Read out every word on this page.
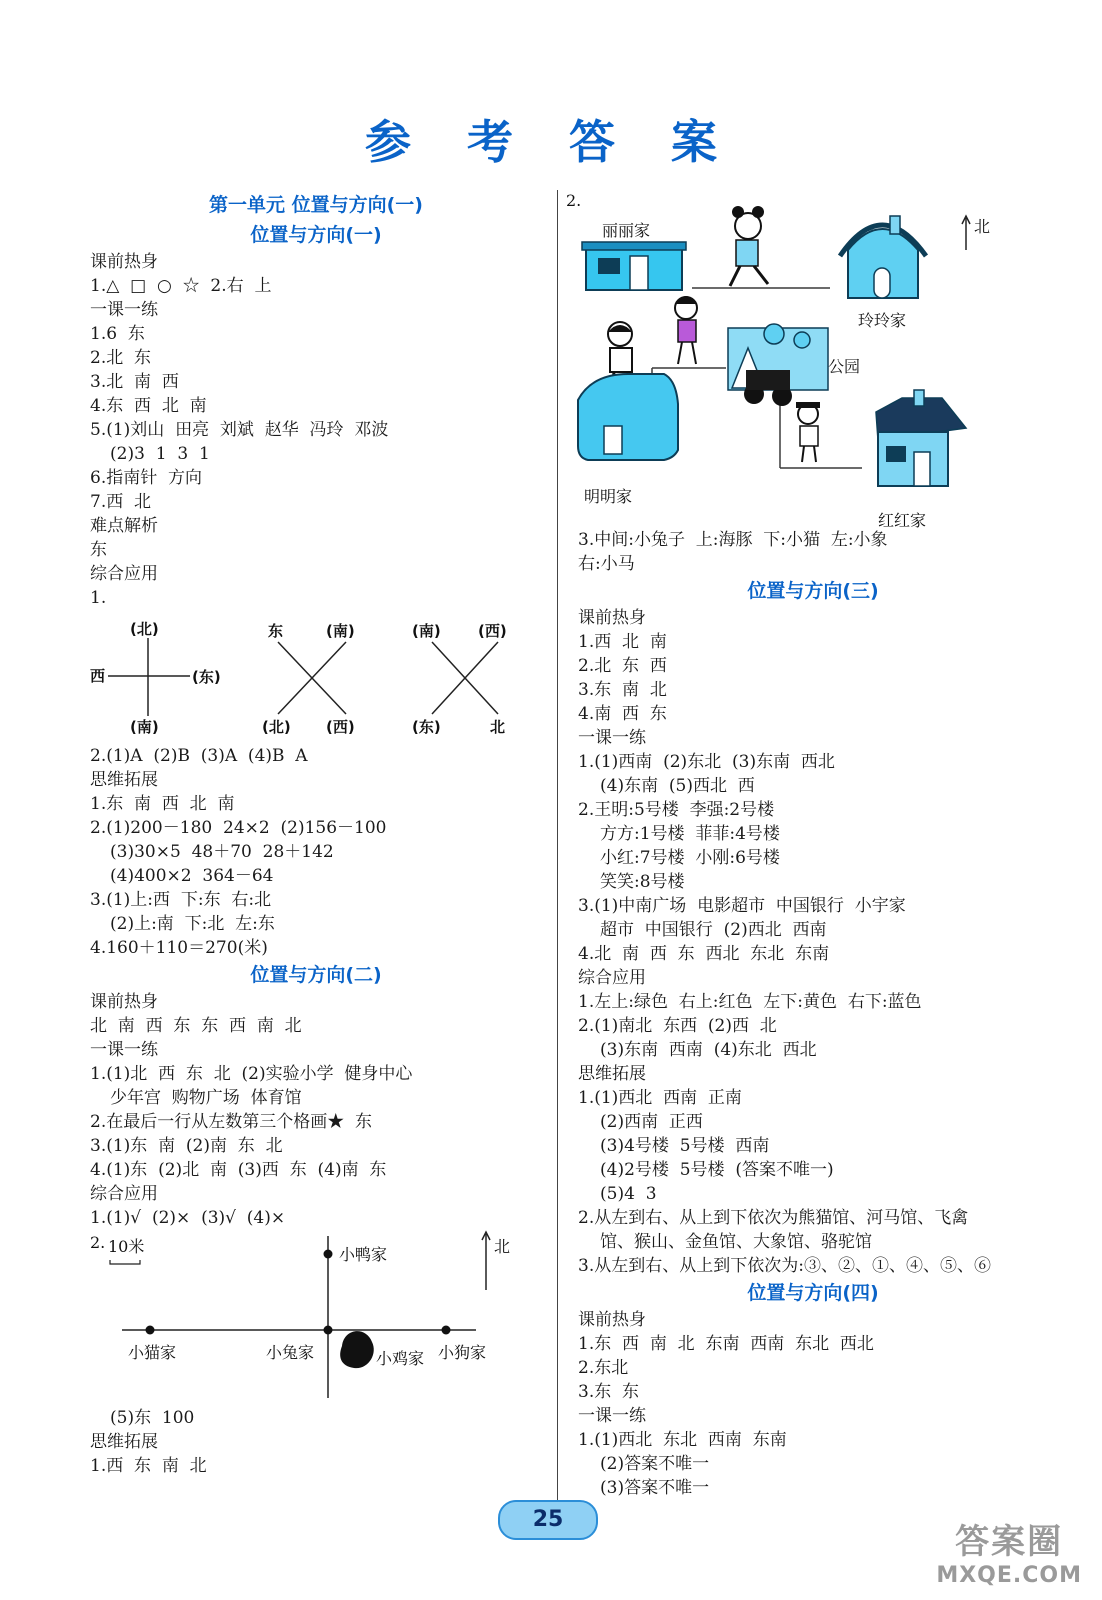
参 考 答 案
第一单元 位置与方向(一)
位置与方向(一)
课前热身
1.△  □  ○  ☆  2.右  上
一课一练
1.6  东
2.北  东
3.北  南  西
4.东  西  北  南
5.(1)刘山  田亮  刘斌  赵华  冯玲  邓波
(2)3  1  3  1
6.指南针  方向
7.西  北
难点解析
东
综合应用
1.
(北)
西	(东)
(南)
东	(南)
(北) (西)
(南) (西)
(东)	北
2.(1)A  (2)B  (3)A  (4)B  A
思维拓展
1.东  南  西  北  南
2.(1)200－180  24×2  (2)156－100
(3)30×5  48＋70  28＋142
(4)400×2  364－64
3.(1)上:西  下:东  右:北
(2)上:南  下:北  左:东
4.160＋110＝270(米)
位置与方向(二)
课前热身
北  南  西  东  东  西  南  北
一课一练
1.(1)北  西  东  北  (2)实验小学  健身中心
少年宫  购物广场  体育馆
2.在最后一行从左数第三个格画★  东
3.(1)东  南  (2)南  东  北
4.(1)东  (2)北  南  (3)西  东  (4)南  东
综合应用
1.(1)√  (2)×  (3)√  (4)×
2. 10米	小鸭家
小猫家	小兔家	小鸡家 小狗家
北
(5)东  100
思维拓展
1.西  东  南  北
2.
丽丽家
玲玲家
北
公园
明明家
红红家
3.中间:小兔子  上:海豚  下:小猫  左:小象
右:小马
位置与方向(三)
课前热身
1.西  北  南
2.北  东  西
3.东  南  北
4.南  西  东
一课一练
1.(1)西南  (2)东北  (3)东南  西北
(4)东南  (5)西北  西
2.王明:5号楼  李强:2号楼
方方:1号楼  菲菲:4号楼
小红:7号楼  小刚:6号楼
笑笑:8号楼
3.(1)中南广场  电影超市  中国银行  小宇家
超市  中国银行  (2)西北  西南
4.北  南  西  东  西北  东北  东南
综合应用
1.左上:绿色  右上:红色  左下:黄色  右下:蓝色
2.(1)南北  东西  (2)西  北
(3)东南  西南  (4)东北  西北
思维拓展
1.(1)西北  西南  正南
(2)西南  正西
(3)4号楼  5号楼  西南
(4)2号楼  5号楼  (答案不唯一)
(5)4  3
2.从左到右、从上到下依次为熊猫馆、河马馆、飞禽
馆、猴山、金鱼馆、大象馆、骆驼馆
3.从左到右、从上到下依次为:③、②、①、④、⑤、⑥
位置与方向(四)
课前热身
1.东  西  南  北  东南  西南  东北  西北
2.东北
3.东  东
一课一练
1.(1)西北  东北  西南  东南
(2)答案不唯一
(3)答案不唯一
25
答案圈
MXQE.COM
